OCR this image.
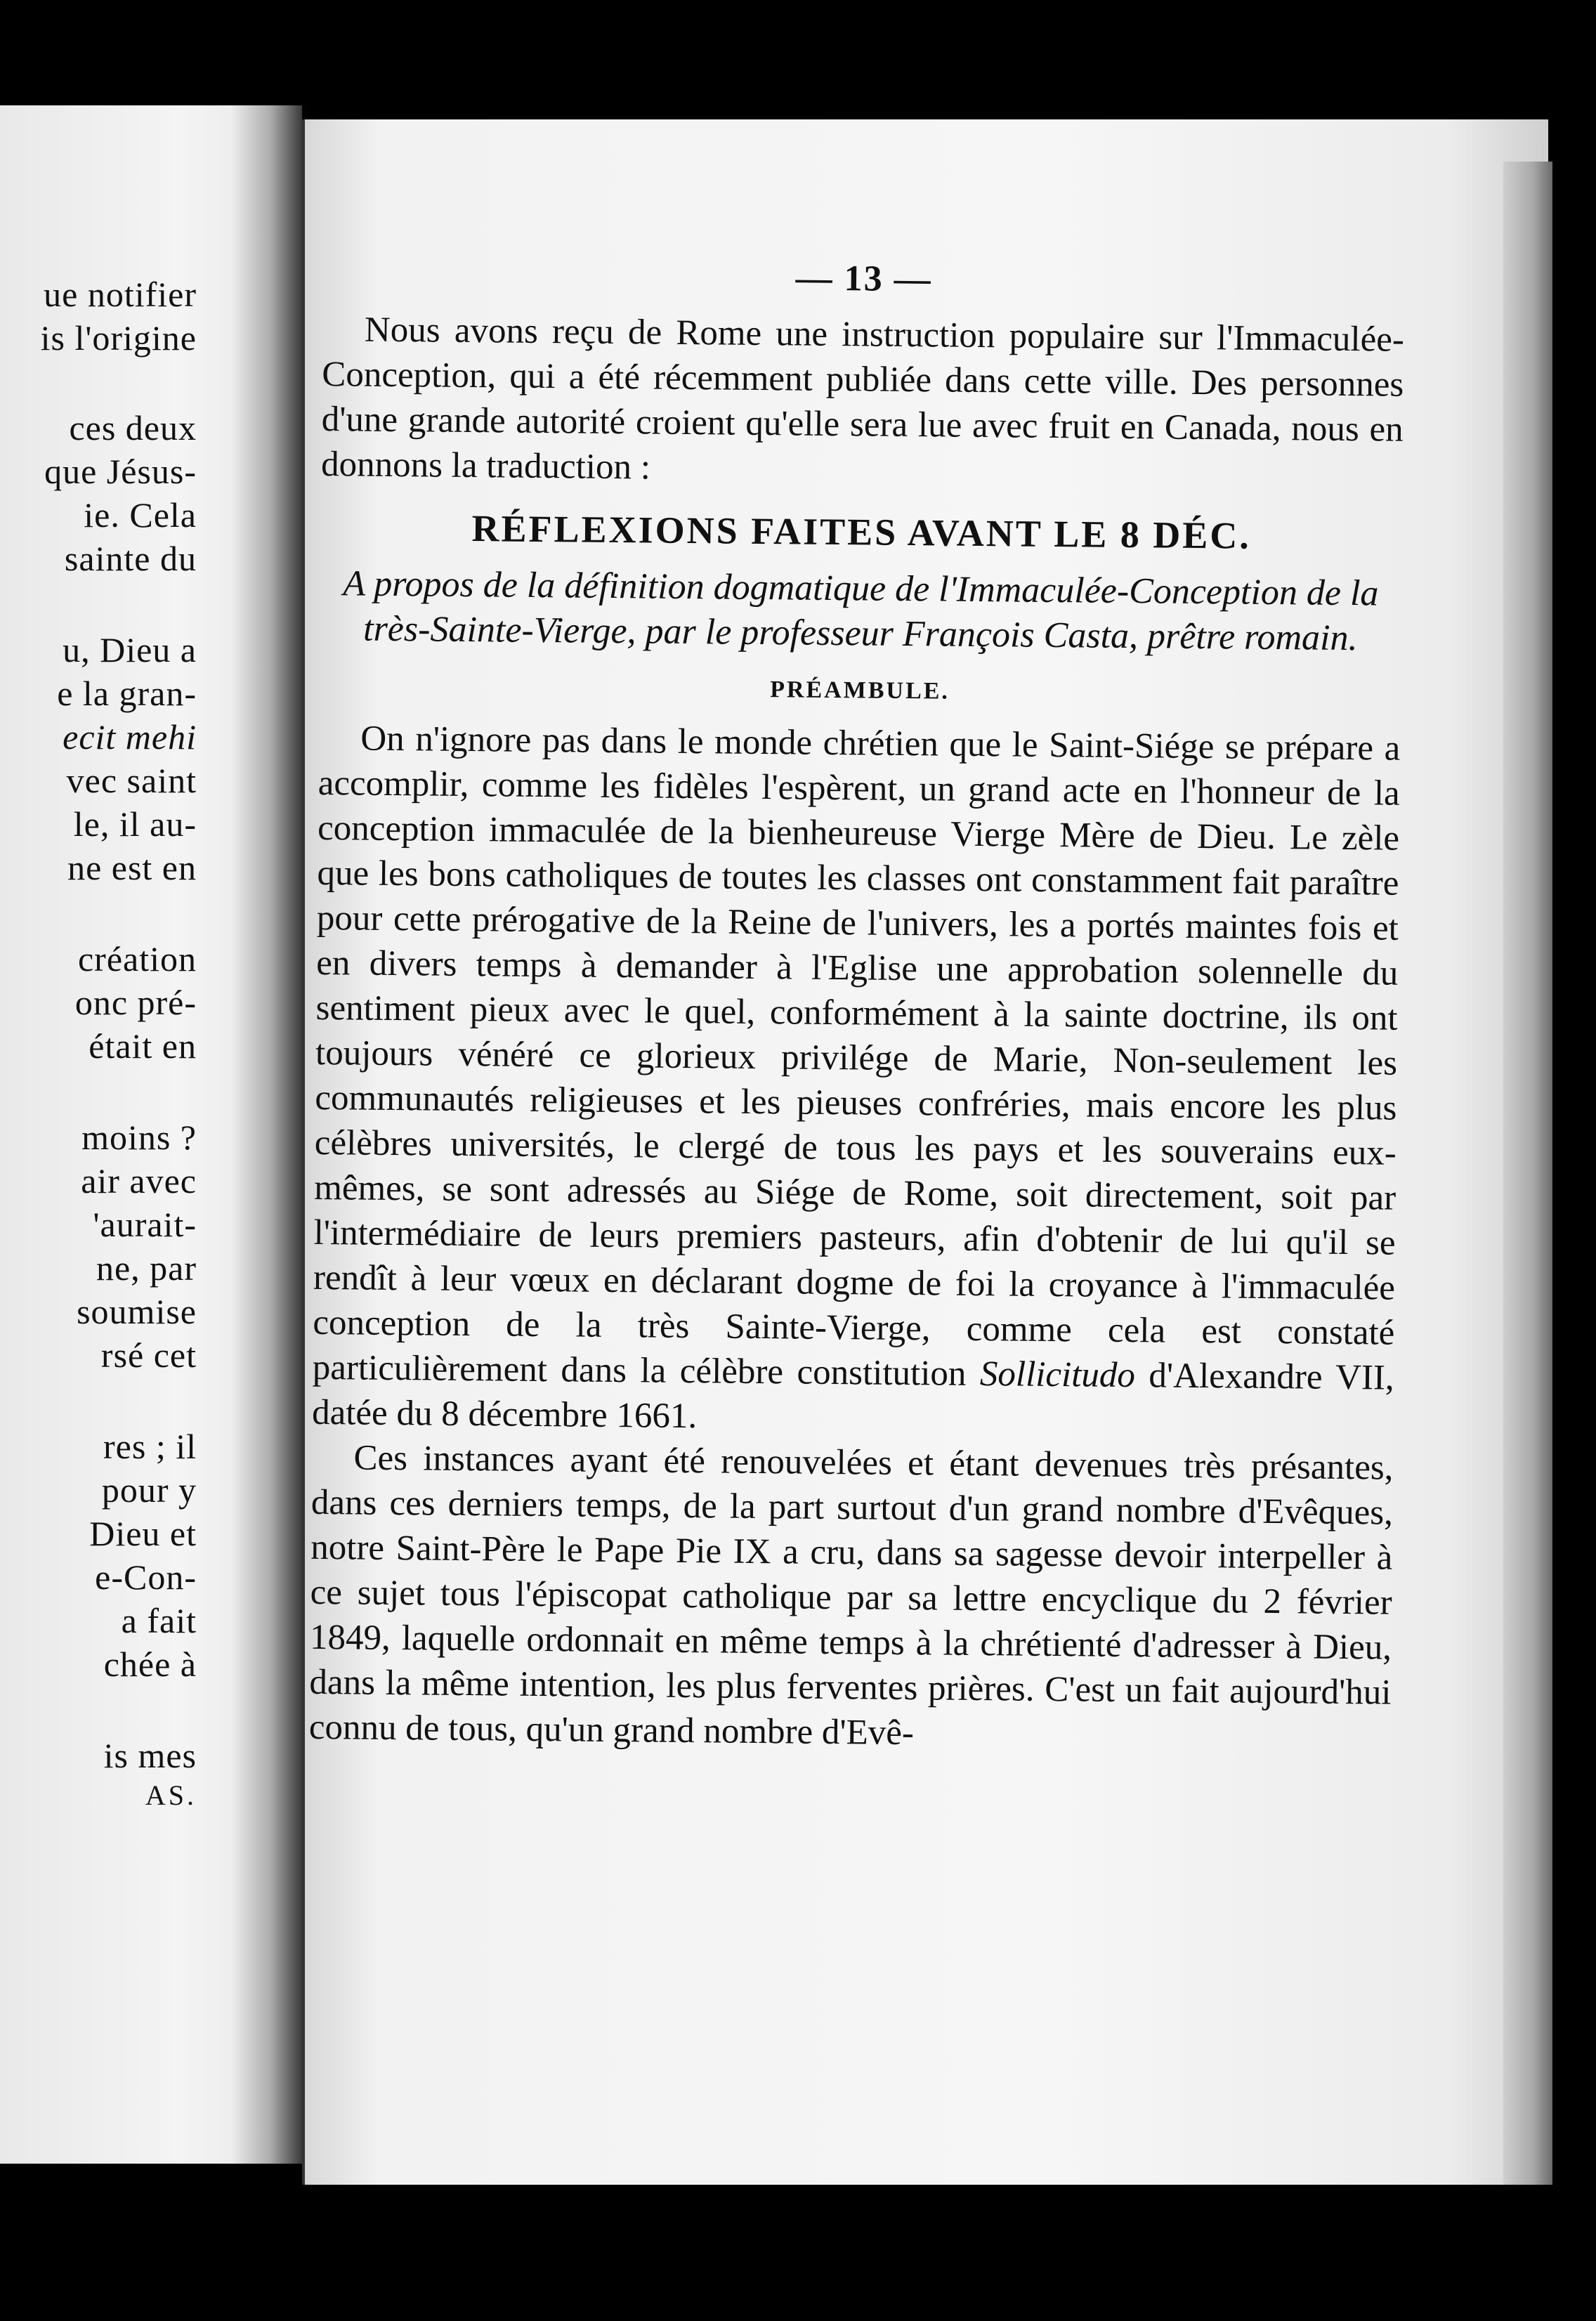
ue notifier
is l'origine
ces deux
que Jésus-
ie. Cela
sainte du
u, Dieu a
e la gran-
ecit mehi
vec saint
le, il au-
ne est en
création
onc pré-
était en
moins ?
air avec
'aurait-
ne, par
soumise
rsé cet
res ; il
pour y
Dieu et
e-Con-
a fait
chée à
is mes
AS.
— 13 —

Nous avons reçu de Rome une instruction populaire sur l'Immaculée-Conception, qui a été récemment publiée dans cette ville. Des personnes d'une grande autorité croient qu'elle sera lue avec fruit en Canada, nous en donnons la traduction :

RÉFLEXIONS FAITES AVANT LE 8 DÉC.
A propos de la définition dogmatique de l'Immaculée-Conception de la très-Sainte-Vierge, par le professeur François Casta, prêtre romain.
PRÉAMBULE.

On n'ignore pas dans le monde chrétien que le Saint-Siége se prépare a accomplir, comme les fidèles l'espèrent, un grand acte en l'honneur de la conception immaculée de la bienheureuse Vierge Mère de Dieu. Le zèle que les bons catholiques de toutes les classes ont constamment fait paraître pour cette prérogative de la Reine de l'univers, les a portés maintes fois et en divers temps à demander à l'Eglise une approbation solennelle du sentiment pieux avec le quel, conformément à la sainte doctrine, ils ont toujours vénéré ce glorieux privilége de Marie, Non-seulement les communautés religieuses et les pieuses confréries, mais encore les plus célèbres universités, le clergé de tous les pays et les souverains eux-mêmes, se sont adressés au Siége de Rome, soit directement, soit par l'intermédiaire de leurs premiers pasteurs, afin d'obtenir de lui qu'il se rendît à leur vœux en déclarant dogme de foi la croyance à l'immaculée conception de la très Sainte-Vierge, comme cela est constaté particulièrement dans la célèbre constitution Sollicitudo d'Alexandre VII, datée du 8 décembre 1661.

Ces instances ayant été renouvelées et étant devenues très présantes, dans ces derniers temps, de la part surtout d'un grand nombre d'Evêques, notre Saint-Père le Pape Pie IX a cru, dans sa sagesse devoir interpeller à ce sujet tous l'épiscopat catholique par sa lettre encyclique du 2 février 1849, laquelle ordonnait en même temps à la chrétienté d'adresser à Dieu, dans la même intention, les plus ferventes prières. C'est un fait aujourd'hui connu de tous, qu'un grand nombre d'Evê-
